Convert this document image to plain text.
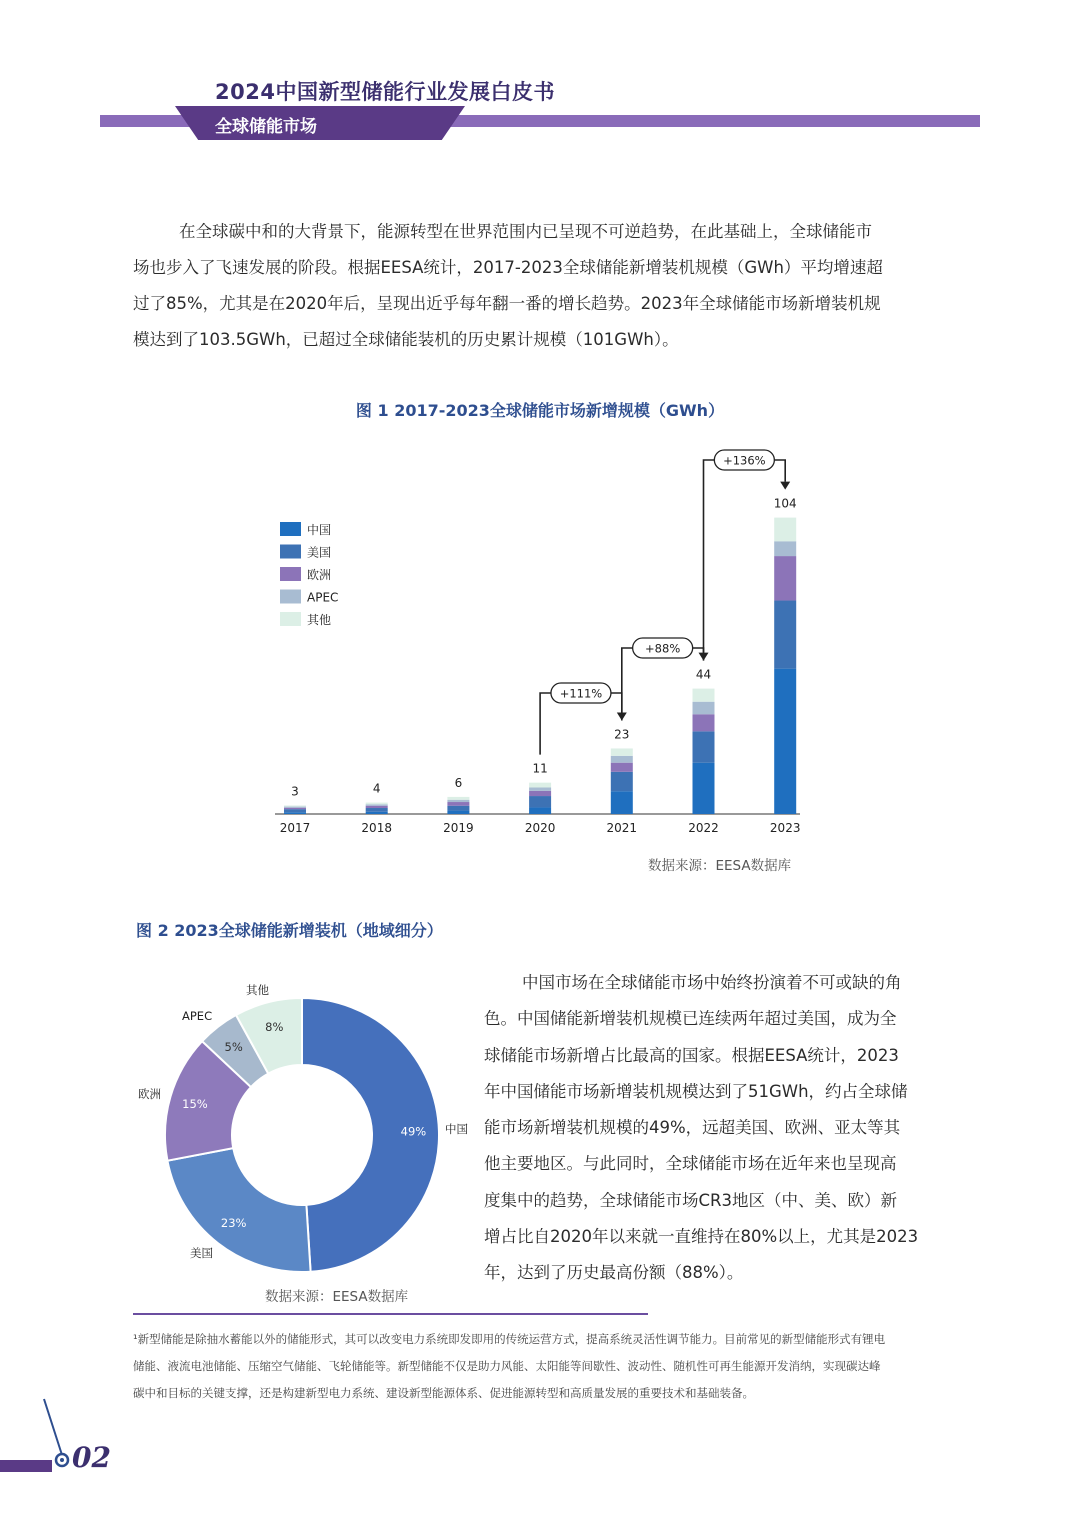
2024中国新型储能行业发展白皮书
全球储能市场
在全球碳中和的大背景下，能源转型在世界范围内已呈现不可逆趋势，在此基础上，全球储能市
场也步入了飞速发展的阶段。根据EESA统计，2017-2023全球储能新增装机规模（GWh）平均增速超
过了85%，尤其是在2020年后，呈现出近乎每年翻一番的增长趋势。2023年全球储能市场新增装机规
模达到了103.5GWh，已超过全球储能装机的历史累计规模（101GWh）。
图 1 2017-2023全球储能市场新增规模（GWh）
3
2017
4
2018
6
2019
11
2020
23
2021
44
2022
104
2023
中国
美国
欧洲
APEC
其他
+111%
+88%
+136%
数据来源：EESA数据库
图 2 2023全球储能新增装机（地域细分）
49% 中国
23%
美国
15%
欧洲
5%
APEC
8%
其他
数据来源：EESA数据库
中国市场在全球储能市场中始终扮演着不可或缺的角
色。中国储能新增装机规模已连续两年超过美国，成为全
球储能市场新增占比最高的国家。根据EESA统计，2023
年中国储能市场新增装机规模达到了51GWh，约占全球储
能市场新增装机规模的49%，远超美国、欧洲、亚太等其
他主要地区。与此同时，全球储能市场在近年来也呈现高
度集中的趋势，全球储能市场CR3地区（中、美、欧）新
增占比自2020年以来就一直维持在80%以上，尤其是2023
年，达到了历史最高份额（88%）。
¹新型储能是除抽水蓄能以外的储能形式，其可以改变电力系统即发即用的传统运营方式，提高系统灵活性调节能力。目前常见的新型储能形式有锂电
储能、液流电池储能、压缩空气储能、飞轮储能等。新型储能不仅是助力风能、太阳能等间歇性、波动性、随机性可再生能源开发消纳，实现碳达峰
碳中和目标的关键支撑，还是构建新型电力系统、建设新型能源体系、促进能源转型和高质量发展的重要技术和基础装备。
02
